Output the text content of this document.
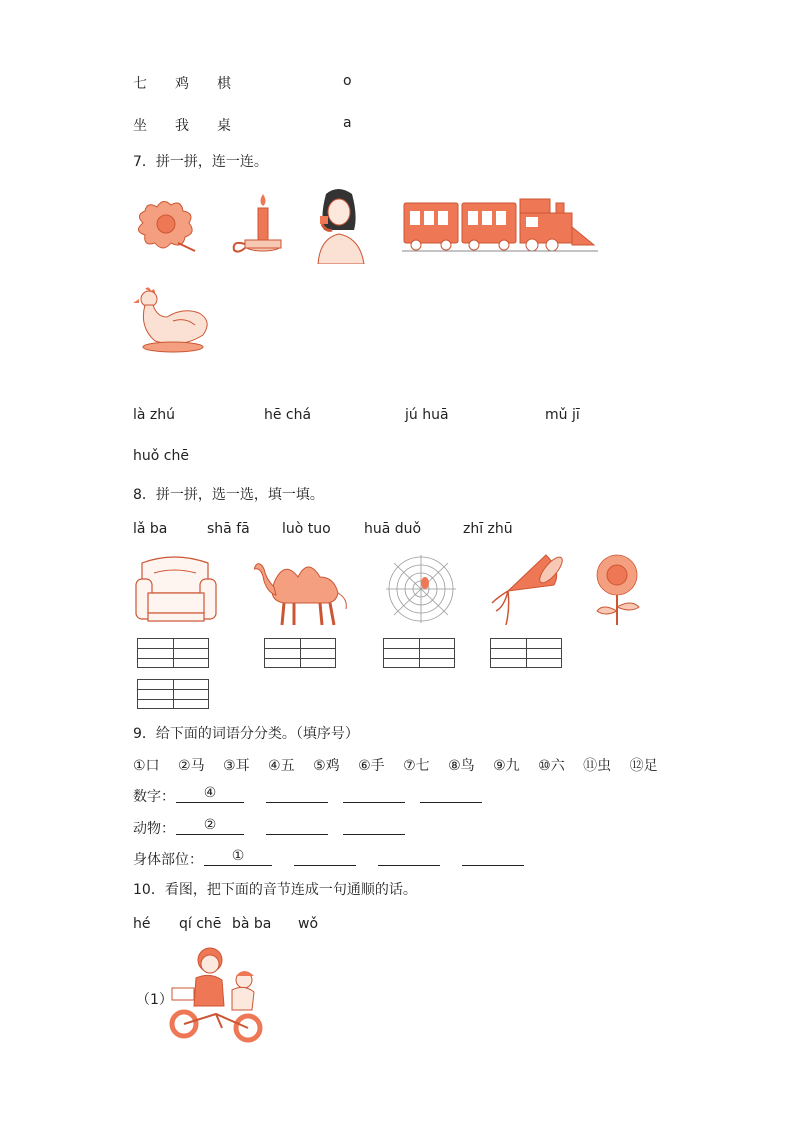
七 鸡 棋	o
坐 我 桌	a
7．拼一拼，连一连。
là zhú	hē chá	jú huā	mǔ jī
huǒ chē
8．拼一拼，选一选，填一填。
lǎ ba	shā fā luò tuo huā duǒ	zhī zhū
9．给下面的词语分分类。（填序号）
①口 ②马 ③耳 ④五 ⑤鸡 ⑥手 ⑦七 ⑧鸟 ⑨九 ⑩六 ⑪虫 ⑫足
数字：	④
动物：	②
身体部位：	①
10．看图，把下面的音节连成一句通顺的话。
hé qí chē bà ba wǒ
（1）
